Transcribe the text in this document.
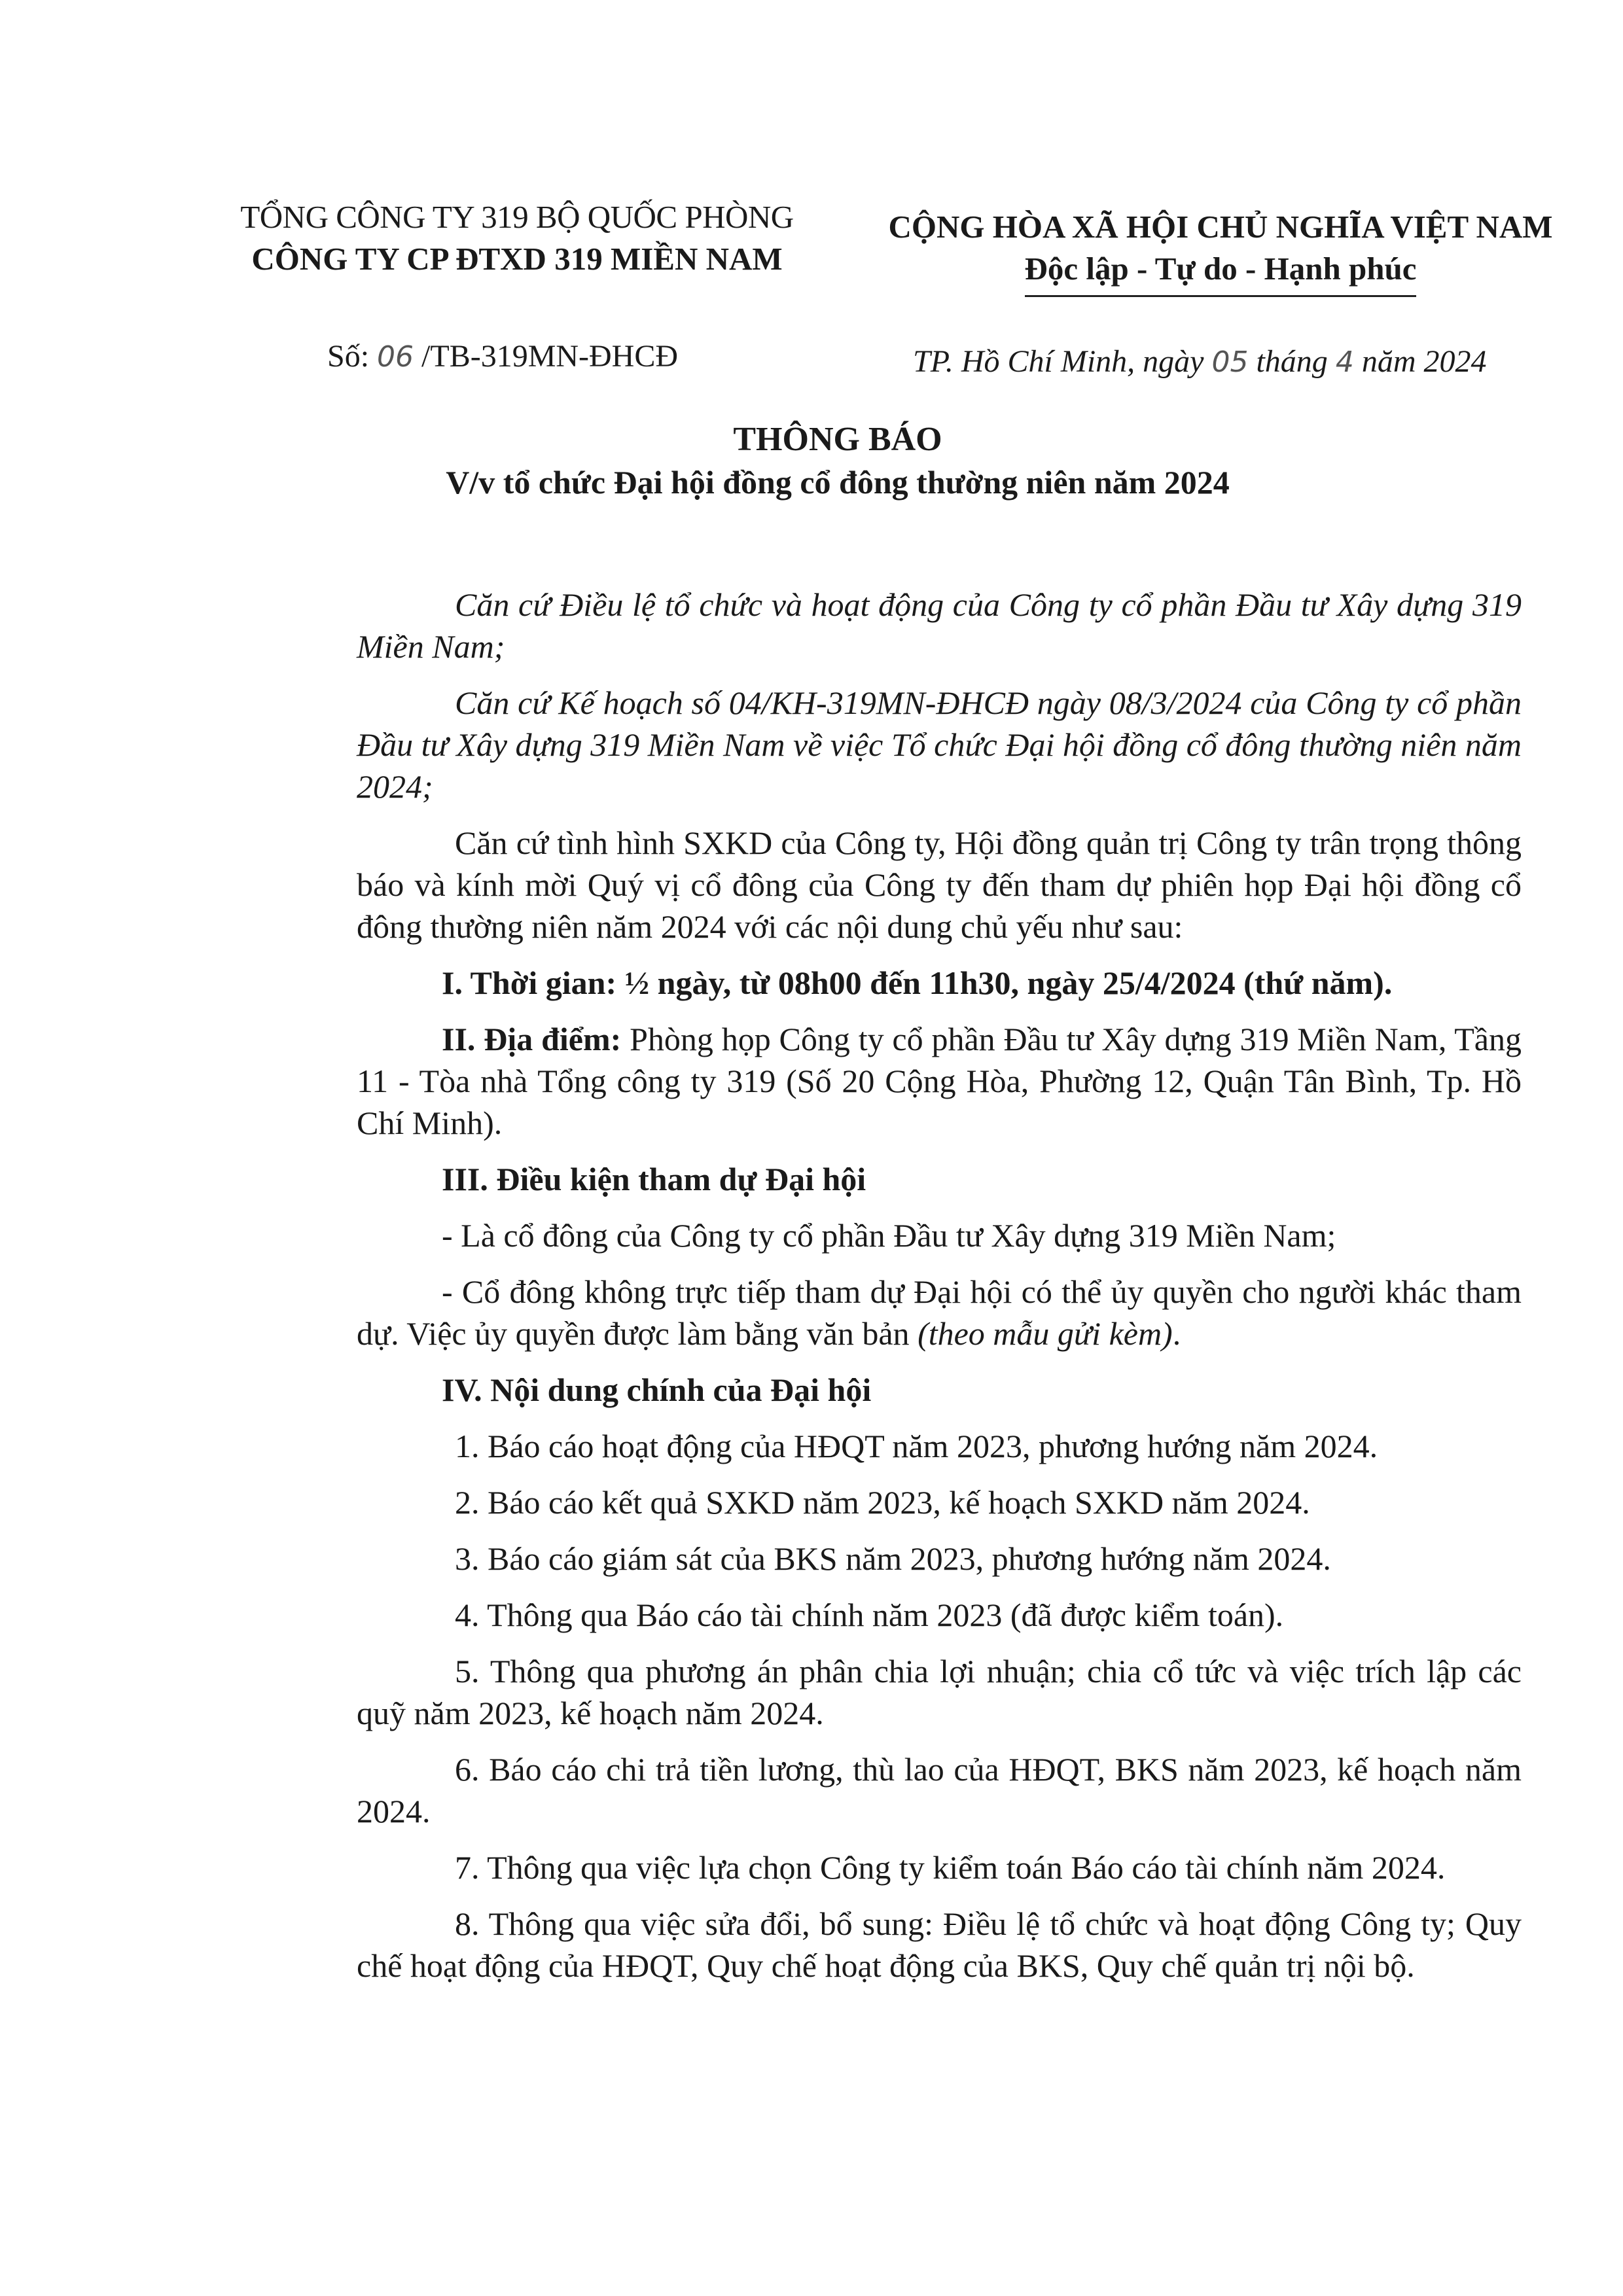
TỔNG CÔNG TY 319 BỘ QUỐC PHÒNG
CÔNG TY CP ĐTXD 319 MIỀN NAM
CỘNG HÒA XÃ HỘI CHỦ NGHĨA VIỆT NAM
Độc lập - Tự do - Hạnh phúc
Số: 06 /TB-319MN-ĐHCĐ	TP. Hồ Chí Minh, ngày 05 tháng 4 năm 2024
THÔNG BÁO
V/v tổ chức Đại hội đồng cổ đông thường niên năm 2024

Căn cứ Điều lệ tổ chức và hoạt động của Công ty cổ phần Đầu tư Xây dựng 319 Miền Nam;

Căn cứ Kế hoạch số 04/KH-319MN-ĐHCĐ ngày 08/3/2024 của Công ty cổ phần Đầu tư Xây dựng 319 Miền Nam về việc Tổ chức Đại hội đồng cổ đông thường niên năm 2024;

Căn cứ tình hình SXKD của Công ty, Hội đồng quản trị Công ty trân trọng thông báo và kính mời Quý vị cổ đông của Công ty đến tham dự phiên họp Đại hội đồng cổ đông thường niên năm 2024 với các nội dung chủ yếu như sau:

I. Thời gian: ½ ngày, từ 08h00 đến 11h30, ngày 25/4/2024 (thứ năm).

II. Địa điểm: Phòng họp Công ty cổ phần Đầu tư Xây dựng 319 Miền Nam, Tầng 11 - Tòa nhà Tổng công ty 319 (Số 20 Cộng Hòa, Phường 12, Quận Tân Bình, Tp. Hồ Chí Minh).

III. Điều kiện tham dự Đại hội

- Là cổ đông của Công ty cổ phần Đầu tư Xây dựng 319 Miền Nam;

- Cổ đông không trực tiếp tham dự Đại hội có thể ủy quyền cho người khác tham dự. Việc ủy quyền được làm bằng văn bản (theo mẫu gửi kèm).

IV. Nội dung chính của Đại hội

1. Báo cáo hoạt động của HĐQT năm 2023, phương hướng năm 2024.

2. Báo cáo kết quả SXKD năm 2023, kế hoạch SXKD năm 2024.

3. Báo cáo giám sát của BKS năm 2023, phương hướng năm 2024.

4. Thông qua Báo cáo tài chính năm 2023 (đã được kiểm toán).

5. Thông qua phương án phân chia lợi nhuận; chia cổ tức và việc trích lập các quỹ năm 2023, kế hoạch năm 2024.

6. Báo cáo chi trả tiền lương, thù lao của HĐQT, BKS năm 2023, kế hoạch năm 2024.

7. Thông qua việc lựa chọn Công ty kiểm toán Báo cáo tài chính năm 2024.

8. Thông qua việc sửa đổi, bổ sung: Điều lệ tổ chức và hoạt động Công ty; Quy chế hoạt động của HĐQT, Quy chế hoạt động của BKS, Quy chế quản trị nội bộ.
